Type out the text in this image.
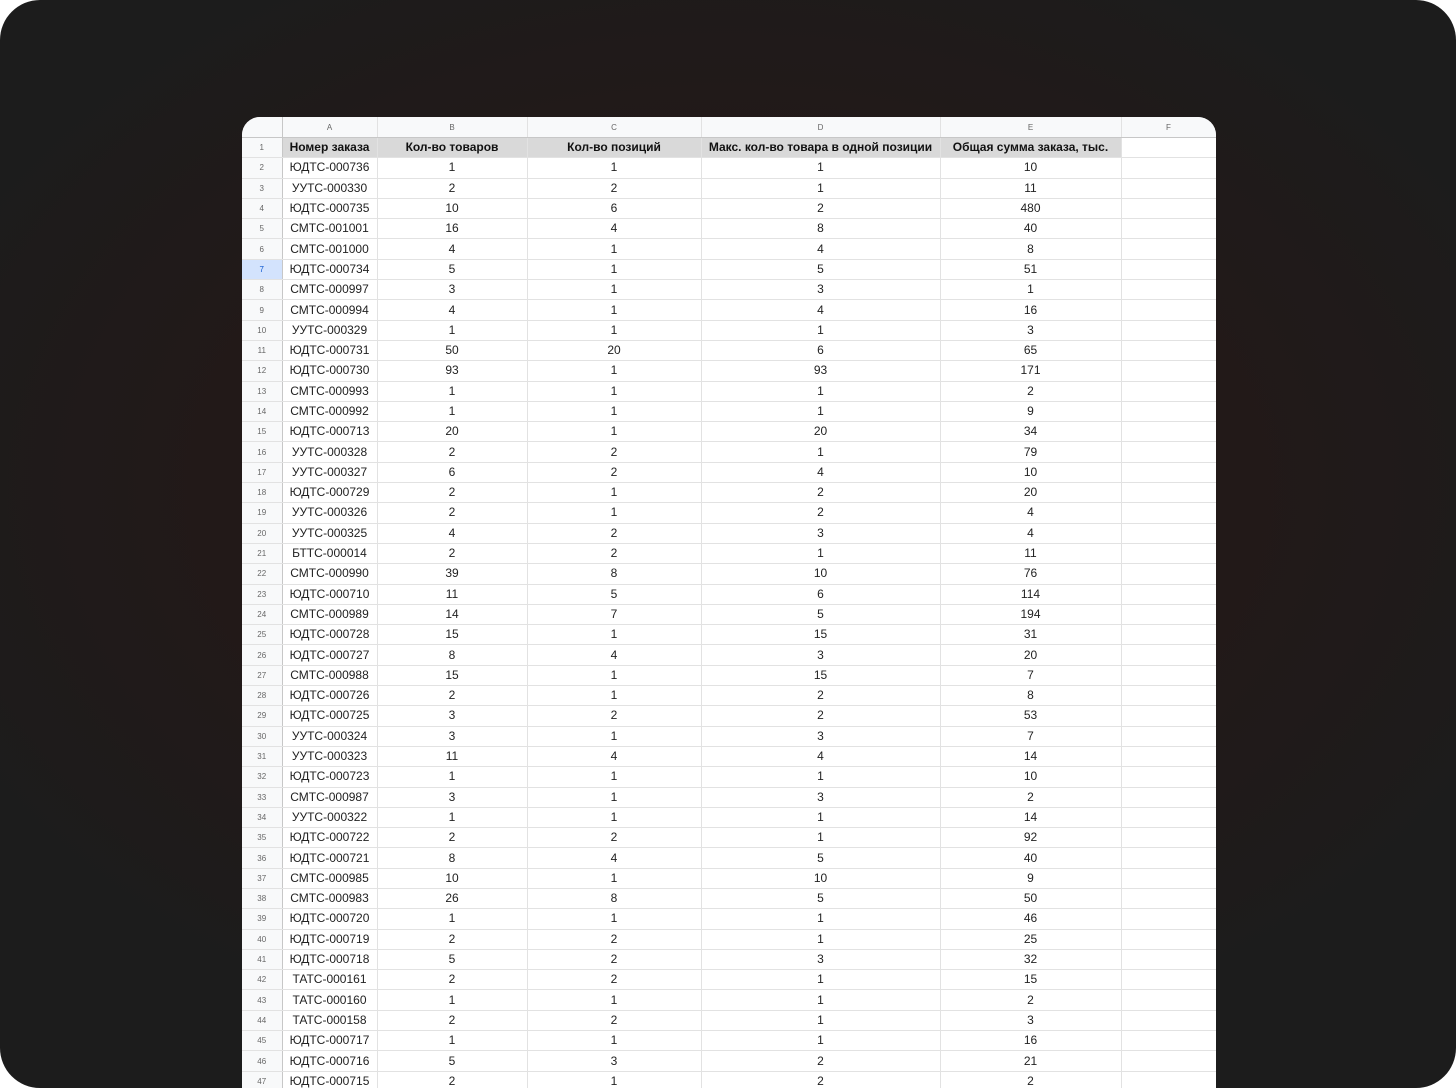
	A	B	C	D	E	F
1	Номер заказа	Кол-во товаров	Кол-во позиций	Макс. кол-во товара в одной позиции	Общая сумма заказа, тыс.	
2	ЮДТС-000736	1	1	1	10	
3	УУТС-000330	2	2	1	11	
4	ЮДТС-000735	10	6	2	480	
5	СМТС-001001	16	4	8	40	
6	СМТС-001000	4	1	4	8	
7	ЮДТС-000734	5	1	5	51	
8	СМТС-000997	3	1	3	1	
9	СМТС-000994	4	1	4	16	
10	УУТС-000329	1	1	1	3	
11	ЮДТС-000731	50	20	6	65	
12	ЮДТС-000730	93	1	93	171	
13	СМТС-000993	1	1	1	2	
14	СМТС-000992	1	1	1	9	
15	ЮДТС-000713	20	1	20	34	
16	УУТС-000328	2	2	1	79	
17	УУТС-000327	6	2	4	10	
18	ЮДТС-000729	2	1	2	20	
19	УУТС-000326	2	1	2	4	
20	УУТС-000325	4	2	3	4	
21	БТТС-000014	2	2	1	11	
22	СМТС-000990	39	8	10	76	
23	ЮДТС-000710	11	5	6	114	
24	СМТС-000989	14	7	5	194	
25	ЮДТС-000728	15	1	15	31	
26	ЮДТС-000727	8	4	3	20	
27	СМТС-000988	15	1	15	7	
28	ЮДТС-000726	2	1	2	8	
29	ЮДТС-000725	3	2	2	53	
30	УУТС-000324	3	1	3	7	
31	УУТС-000323	11	4	4	14	
32	ЮДТС-000723	1	1	1	10	
33	СМТС-000987	3	1	3	2	
34	УУТС-000322	1	1	1	14	
35	ЮДТС-000722	2	2	1	92	
36	ЮДТС-000721	8	4	5	40	
37	СМТС-000985	10	1	10	9	
38	СМТС-000983	26	8	5	50	
39	ЮДТС-000720	1	1	1	46	
40	ЮДТС-000719	2	2	1	25	
41	ЮДТС-000718	5	2	3	32	
42	ТАТС-000161	2	2	1	15	
43	ТАТС-000160	1	1	1	2	
44	ТАТС-000158	2	2	1	3	
45	ЮДТС-000717	1	1	1	16	
46	ЮДТС-000716	5	3	2	21	
47	ЮДТС-000715	2	1	2	2	
